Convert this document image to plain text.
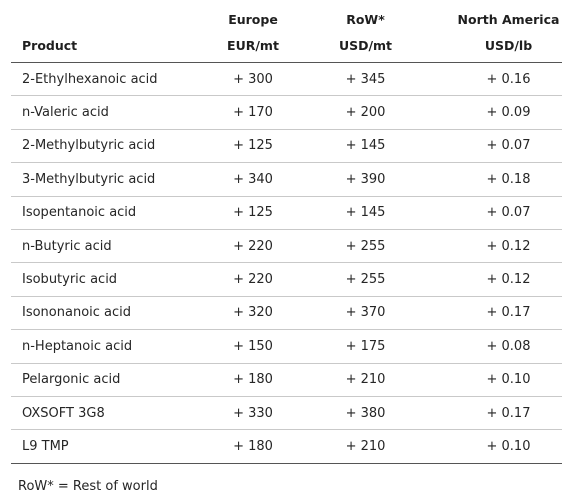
	Europe	RoW*	North America
Product	EUR/mt	USD/mt	USD/lb
2-Ethylhexanoic acid	+ 300	+ 345	+ 0.16
n-Valeric acid	+ 170	+ 200	+ 0.09
2-Methylbutyric acid	+ 125	+ 145	+ 0.07
3-Methylbutyric acid	+ 340	+ 390	+ 0.18
Isopentanoic acid	+ 125	+ 145	+ 0.07
n-Butyric acid	+ 220	+ 255	+ 0.12
Isobutyric acid	+ 220	+ 255	+ 0.12
Isononanoic acid	+ 320	+ 370	+ 0.17
n-Heptanoic acid	+ 150	+ 175	+ 0.08
Pelargonic acid	+ 180	+ 210	+ 0.10
OXSOFT 3G8	+ 330	+ 380	+ 0.17
L9 TMP	+ 180	+ 210	+ 0.10
RoW* = Rest of world
